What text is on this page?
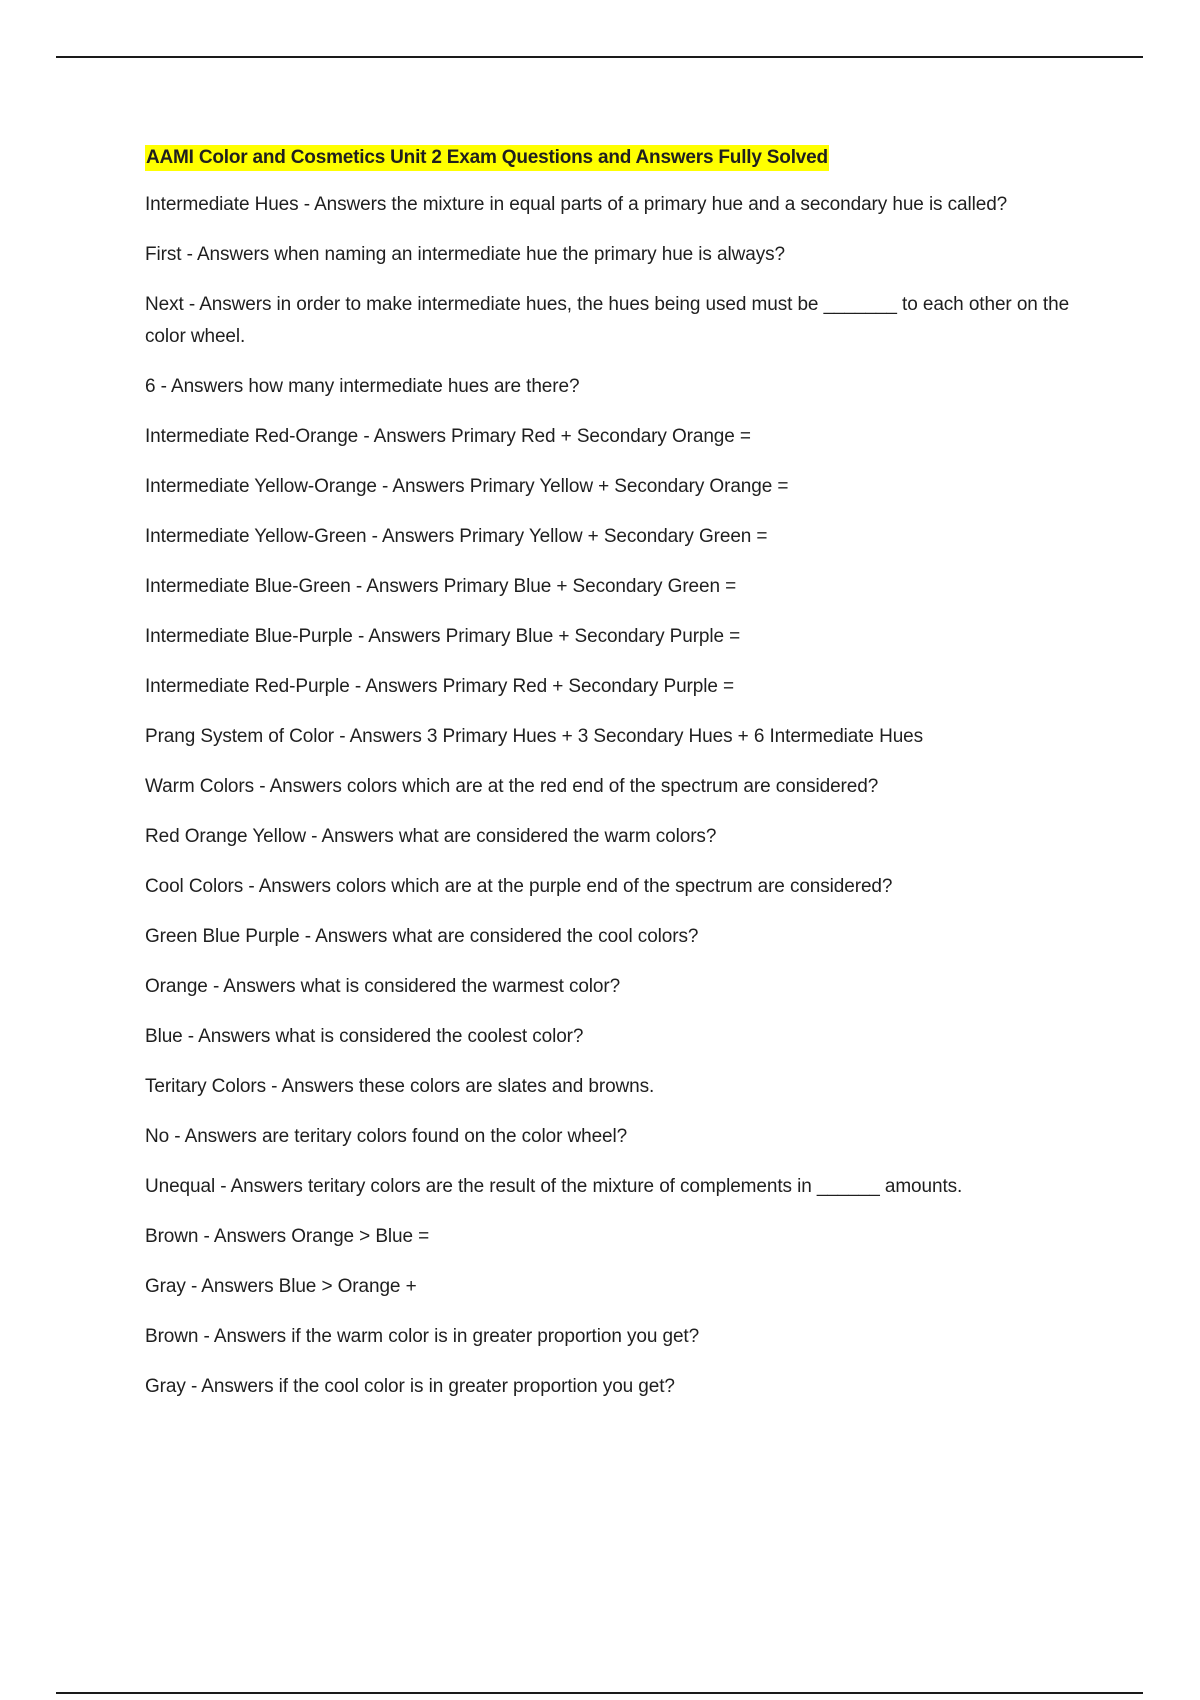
AAMI Color and Cosmetics Unit 2 Exam Questions and Answers Fully Solved

Intermediate Hues - Answers the mixture in equal parts of a primary hue and a secondary hue is called?

First - Answers when naming an intermediate hue the primary hue is always?

Next - Answers in order to make intermediate hues, the hues being used must be _______ to each other on the color wheel.

6 - Answers how many intermediate hues are there?

Intermediate Red-Orange - Answers Primary Red + Secondary Orange =

Intermediate Yellow-Orange - Answers Primary Yellow + Secondary Orange =

Intermediate Yellow-Green - Answers Primary Yellow + Secondary Green =

Intermediate Blue-Green - Answers Primary Blue + Secondary Green =

Intermediate Blue-Purple - Answers Primary Blue + Secondary Purple =

Intermediate Red-Purple - Answers Primary Red + Secondary Purple =

Prang System of Color - Answers 3 Primary Hues + 3 Secondary Hues + 6 Intermediate Hues

Warm Colors - Answers colors which are at the red end of the spectrum are considered?

Red Orange Yellow - Answers what are considered the warm colors?

Cool Colors - Answers colors which are at the purple end of the spectrum are considered?

Green Blue Purple - Answers what are considered the cool colors?

Orange - Answers what is considered the warmest color?

Blue - Answers what is considered the coolest color?

Teritary Colors - Answers these colors are slates and browns.

No - Answers are teritary colors found on the color wheel?

Unequal - Answers teritary colors are the result of the mixture of complements in ______ amounts.

Brown - Answers Orange > Blue =

Gray - Answers Blue > Orange +

Brown - Answers if the warm color is in greater proportion you get?

Gray - Answers if the cool color is in greater proportion you get?
